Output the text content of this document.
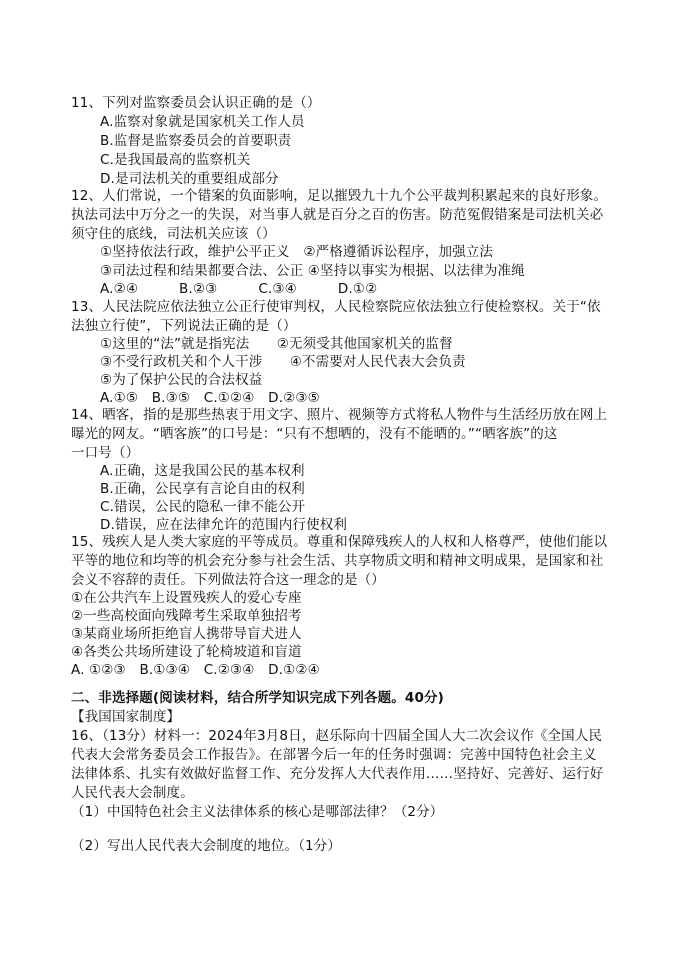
11、下列对监察委员会认识正确的是（）
A.监察对象就是国家机关工作人员
B.监督是监察委员会的首要职责
C.是我国最高的监察机关
D.是司法机关的重要组成部分
12、人们常说，一个错案的负面影响，足以摧毁九十九个公平裁判积累起来的良好形象。
执法司法中万分之一的失误，对当事人就是百分之百的伤害。防范冤假错案是司法机关必
须守住的底线，司法机关应该（）
①坚持依法行政，维护公平正义　②严格遵循诉讼程序，加强立法
③司法过程和结果都要合法、公正 ④坚持以事实为根据、以法律为准绳
A.②④　　　B.②③　　　C.③④　　　D.①②
13、人民法院应依法独立公正行使审判权，人民检察院应依法独立行使检察权。关于“依
法独立行使”，下列说法正确的是（）
①这里的“法”就是指宪法　　②无须受其他国家机关的监督
③不受行政机关和个人干涉　　④不需要对人民代表大会负责
⑤为了保护公民的合法权益
A.①⑤　B.③⑤　C.①②④　D.②③⑤
14、晒客，指的是那些热衷于用文字、照片、视频等方式将私人物件与生活经历放在网上
曝光的网友。“晒客族”的口号是：“只有不想晒的，没有不能晒的。”“晒客族”的这
一口号（）
A.正确，这是我国公民的基本权利
B.正确，公民享有言论自由的权利
C.错误，公民的隐私一律不能公开
D.错误，应在法律允许的范围内行使权利
15、残疾人是人类大家庭的平等成员。尊重和保障残疾人的人权和人格尊严，使他们能以
平等的地位和均等的机会充分参与社会生活、共享物质文明和精神文明成果，是国家和社
会义不容辞的责任。下列做法符合这一理念的是（）
①在公共汽车上设置残疾人的爱心专座
②一些高校面向残障考生采取单独招考
③某商业场所拒绝盲人携带导盲犬进人
④各类公共场所建设了轮椅坡道和盲道
A. ①②③　B.①③④　C.②③④　D.①②④
二、非选择题(阅读材料，结合所学知识完成下列各题。40分)
【我国国家制度】
16、（13分）材料一：2024年3月8日，赵乐际向十四届全国人大二次会议作《全国人民
代表大会常务委员会工作报告》。在部署今后一年的任务时强调：完善中国特色社会主义
法律体系、扎实有效做好监督工作、充分发挥人大代表作用……坚持好、完善好、运行好
人民代表大会制度。
（1）中国特色社会主义法律体系的核心是哪部法律？（2分）
（2）写出人民代表大会制度的地位。（1分）
